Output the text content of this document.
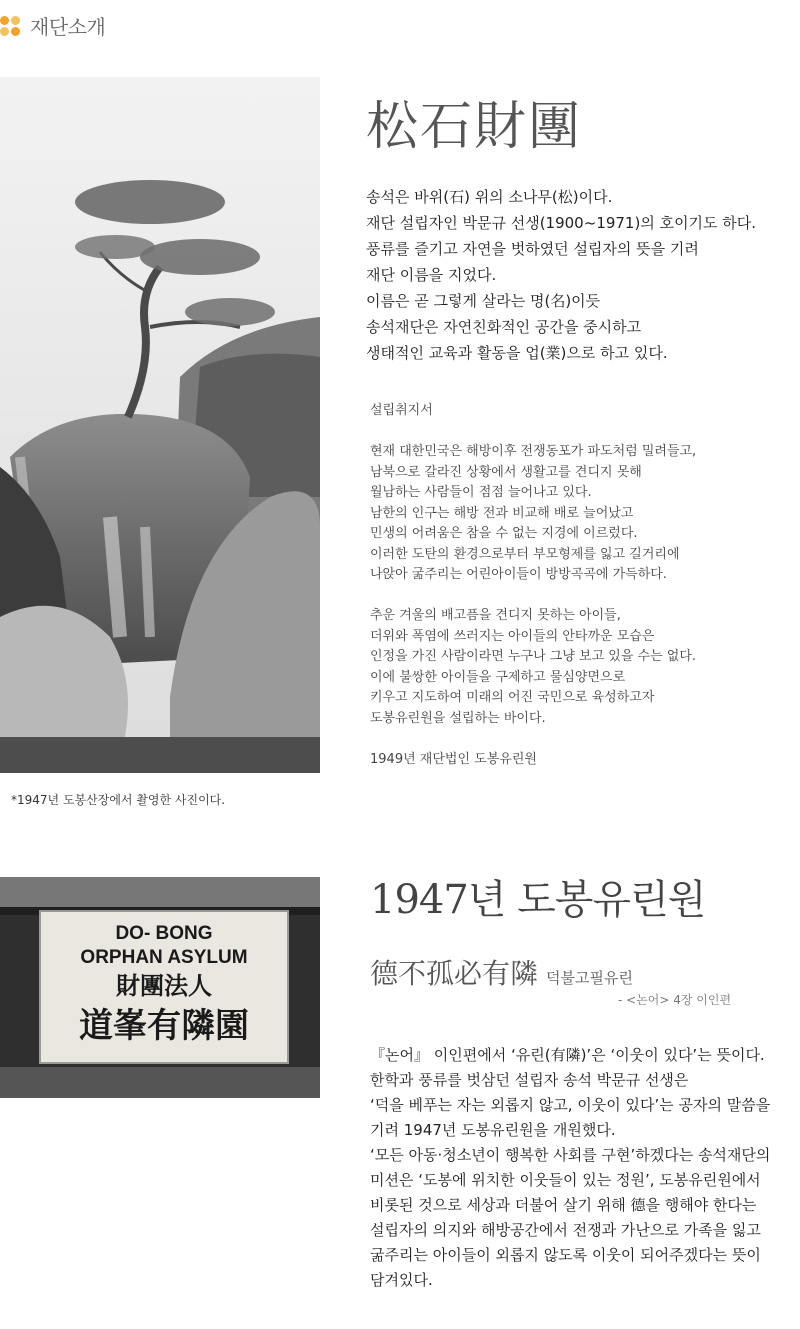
재단소개
*1947년 도봉산장에서 촬영한 사진이다.
松石財團

송석은 바위(石) 위의 소나무(松)이다.

재단 설립자인 박문규 선생(1900~1971)의 호이기도 하다.

풍류를 즐기고 자연을 벗하였던 설립자의 뜻을 기려

재단 이름을 지었다.

이름은 곧 그렇게 살라는 명(名)이듯

송석재단은 자연친화적인 공간을 중시하고

생태적인 교육과 활동을 업(業)으로 하고 있다.

설립취지서

현재 대한민국은 해방이후 전쟁동포가 파도처럼 밀려들고,

남북으로 갈라진 상황에서 생활고를 견디지 못해

월남하는 사람들이 점점 늘어나고 있다.

남한의 인구는 해방 전과 비교해 배로 늘어났고

민생의 어려움은 참을 수 없는 지경에 이르렀다.

이러한 도탄의 환경으로부터 부모형제를 잃고 길거리에

나앉아 굶주리는 어린아이들이 방방곡곡에 가득하다.

추운 겨울의 배고픔을 견디지 못하는 아이들,

더위와 폭염에 쓰러지는 아이들의 안타까운 모습은

인정을 가진 사람이라면 누구나 그냥 보고 있을 수는 없다.

이에 불쌍한 아이들을 구제하고 물심양면으로

키우고 지도하여 미래의 어진 국민으로 육성하고자

도봉유린원을 설립하는 바이다.

1949년 재단법인 도봉유린원

DO- BONG
ORPHAN ASYLUM
財團法人
道峯有隣園
1947년 도봉유린원
德不孤必有隣 덕불고필유린
- <논어> 4장 이인편

『논어』 이인편에서 ‘유린(有隣)’은 ‘이웃이 있다’는 뜻이다.

한학과 풍류를 벗삼던 설립자 송석 박문규 선생은

‘덕을 베푸는 자는 외롭지 않고, 이웃이 있다’는 공자의 말씀을

기려 1947년 도봉유린원을 개원했다.

‘모든 아동·청소년이 행복한 사회를 구현’하겠다는 송석재단의

미션은 ‘도봉에 위치한 이웃들이 있는 정원’, 도봉유린원에서

비롯된 것으로 세상과 더불어 살기 위해 德을 행해야 한다는

설립자의 의지와 해방공간에서 전쟁과 가난으로 가족을 잃고

굶주리는 아이들이 외롭지 않도록 이웃이 되어주겠다는 뜻이

담겨있다.
